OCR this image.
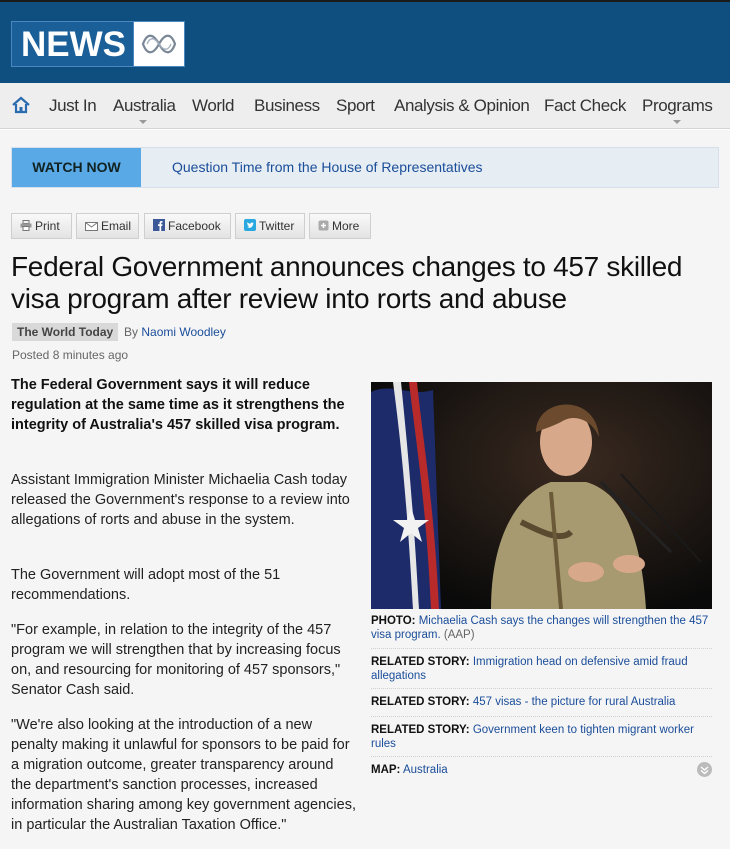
NEWS
Just In Australia World Business Sport Analysis & Opinion Fact Check Programs
WATCH NOW	Question Time from the House of Representatives
Print	Email	Facebook	Twitter	More
Federal Government announces changes to 457 skilled visa program after review into rorts and abuse
The World Today By Naomi Woodley
Posted 8 minutes ago

The Federal Government says it will reduce regulation at the same time as it strengthens the integrity of Australia's 457 skilled visa program.

Assistant Immigration Minister Michaelia Cash today released the Government's response to a review into allegations of rorts and abuse in the system.

The Government will adopt most of the 51 recommendations.

"For example, in relation to the integrity of the 457 program we will strengthen that by increasing focus on, and resourcing for monitoring of 457 sponsors," Senator Cash said.

"We're also looking at the introduction of a new penalty making it unlawful for sponsors to be paid for a migration outcome, greater transparency around the department's sanction processes, increased information sharing among key government agencies, in particular the Australian Taxation Office."

PHOTO: Michaelia Cash says the changes will strengthen the 457 visa program. (AAP)
RELATED STORY: Immigration head on defensive amid fraud allegations
RELATED STORY: 457 visas - the picture for rural Australia
RELATED STORY: Government keen to tighten migrant worker rules
MAP: Australia
